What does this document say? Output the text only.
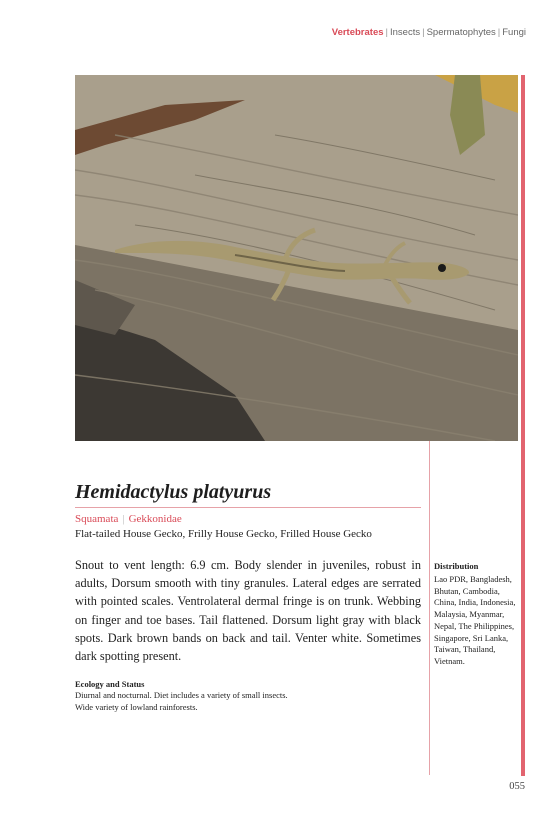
Vertebrates | Insects | Spermatophytes | Fungi
Hemidactylus platyurus
Squamata | Gekkonidae
Flat-tailed House Gecko, Frilly House Gecko, Frilled House Gecko

Snout to vent length: 6.9 cm. Body slender in juveniles, robust in adults, Dorsum smooth with tiny granules. Lateral edges are serrated with pointed scales. Ventrolateral dermal fringe is on trunk. Webbing on finger and toe bases. Tail flattened. Dorsum light gray with black spots. Dark brown bands on back and tail. Venter white. Sometimes dark spotting present.

Ecology and Status
Diurnal and nocturnal. Diet includes a variety of small insects.
Wide variety of lowland rainforests.
Distribution

Lao PDR, Bangladesh, Bhutan, Cambodia, China, India, Indonesia, Malaysia, Myanmar, Nepal, The Philippines, Singapore, Sri Lanka, Taiwan, Thailand, Vietnam.

055
